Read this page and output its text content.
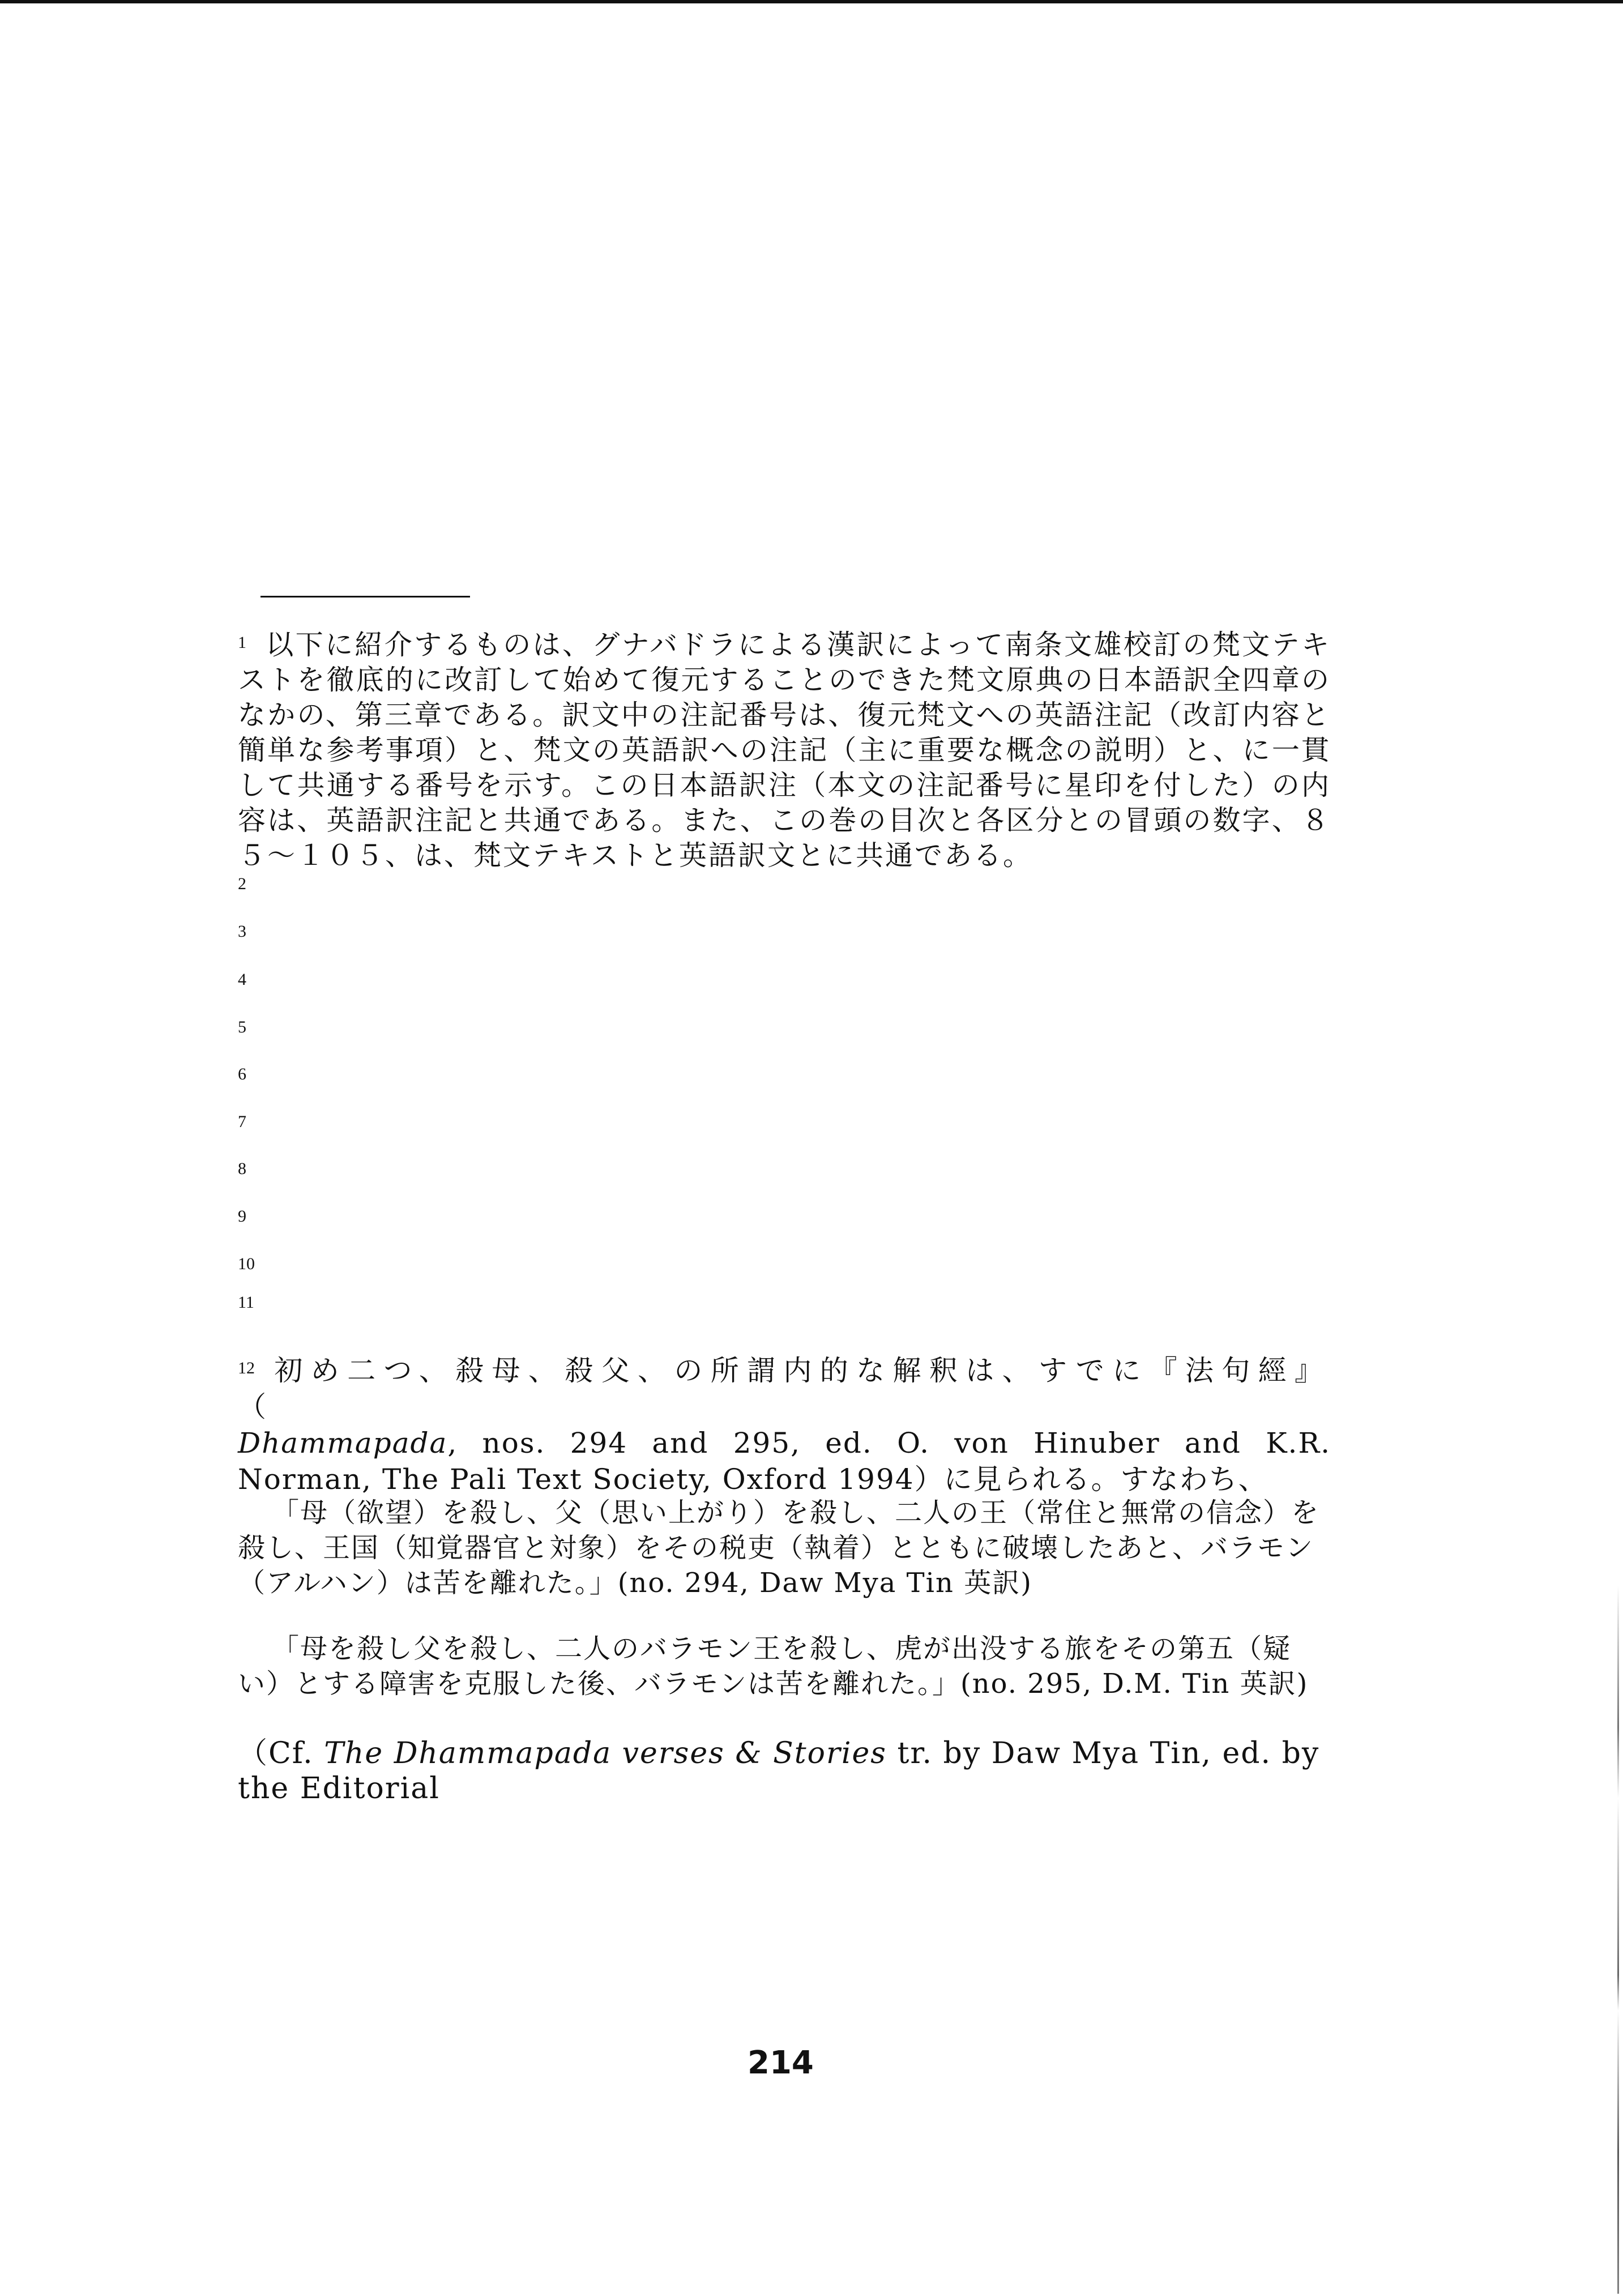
$^1$ 以下に紹介するものは、グナバドラによる漢訳によって南条文雄校訂の梵文テキストを徹底的に改訂して始めて復元することのできた梵文原典の日本語訳全四章のなかの、第三章である。訳文中の注記番号は、復元梵文への英語注記（改訂内容と簡単な参考事項）と、梵文の英語訳への注記（主に重要な概念の説明）と、に一貫して共通する番号を示す。この日本語訳注（本文の注記番号に星印を付した）の内容は、英語訳注記と共通である。また、この巻の目次と各区分との冒頭の数字、８５～１０５、は、梵文テキストと英語訳文とに共通である。
2
3
4
5
6
7
8
9
10
11
$^{12}$ 初め二つ、殺母、殺父、の所謂内的な解釈は、すでに『法句經』（
Dhammapada, nos. 294 and 295, ed. O. von Hinuber and K.R. Norman, The Pali Text Society, Oxford 1994）に見られる。すなわち、
「母（欲望）を殺し、父（思い上がり）を殺し、二人の王（常住と無常の信念）を殺し、王国（知覚器官と対象）をその税吏（執着）とともに破壊したあと、バラモン（アルハン）は苦を離れた。」(no. 294, Daw Mya Tin 英訳)
「母を殺し父を殺し、二人のバラモン王を殺し、虎が出没する旅をその第五（疑い）とする障害を克服した後、バラモンは苦を離れた。」(no. 295, D.M. Tin 英訳)
（Cf. The Dhammapada verses & Stories tr. by Daw Mya Tin, ed. by the Editorial
214
